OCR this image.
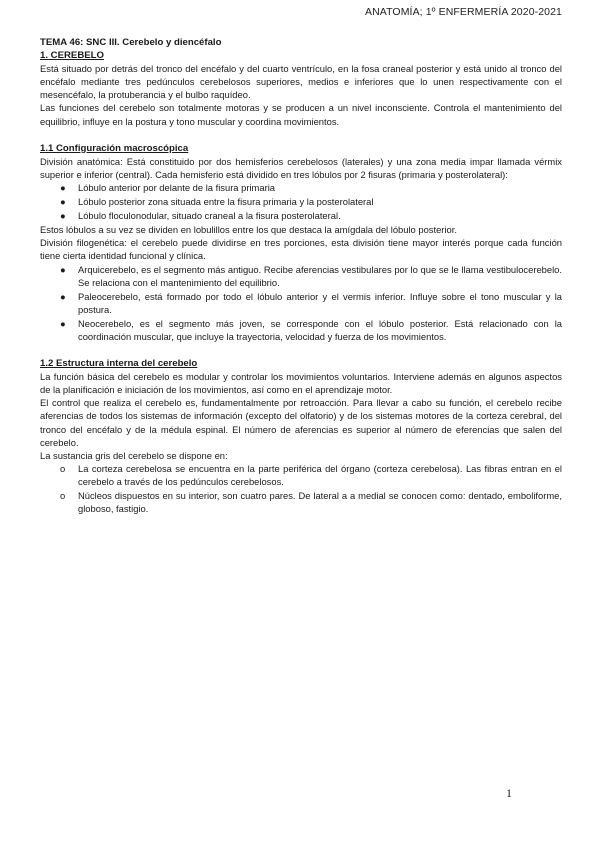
ANATOMÍA; 1º ENFERMERÍA 2020-2021

TEMA 46: SNC III. Cerebelo y diencéfalo

1. CEREBELO

Está situado por detrás del tronco del encéfalo y del cuarto ventrículo, en la fosa craneal posterior y está unido al tronco del encéfalo mediante tres pedúnculos cerebelosos superiores, medios e inferiores que lo unen respectivamente con el mesencéfalo, la protuberancia y el bulbo raquídeo.

Las funciones del cerebelo son totalmente motoras y se producen a un nivel inconsciente. Controla el mantenimiento del equilibrio, influye en la postura y tono muscular y coordina movimientos.

1.1 Configuración macroscópica

División anatómica: Está constituido por dos hemisferios cerebelosos (laterales) y una zona media impar llamada vérmix superior e inferior (central). Cada hemisferio está dividido en tres lóbulos por 2 fisuras (primaria y posterolateral):

● Lóbulo anterior por delante de la fisura primaria
● Lóbulo posterior zona situada entre la fisura primaria y la posterolateral
● Lóbulo floculonodular, situado craneal a la fisura posterolateral.

Estos lóbulos a su vez se dividen en lobulillos entre los que destaca la amígdala del lóbulo posterior.

División filogenética: el cerebelo puede dividirse en tres porciones, esta división tiene mayor interés porque cada función tiene cierta identidad funcional y clínica.

● Arquicerebelo, es el segmento más antiguo. Recibe aferencias vestibulares por lo que se le llama vestibulocerebelo. Se relaciona con el mantenimiento del equilibrio.
● Paleocerebelo, está formado por todo el lóbulo anterior y el vermis inferior. Influye sobre el tono muscular y la postura.
● Neocerebelo, es el segmento más joven, se corresponde con el lóbulo posterior. Está relacionado con la coordinación muscular, que incluye la trayectoria, velocidad y fuerza de los movimientos.

1.2 Estructura interna del cerebelo

La función básica del cerebelo es modular y controlar los movimientos voluntarios. Interviene además en algunos aspectos de la planificación e iniciación de los movimientos, así como en el aprendizaje motor.

El control que realiza el cerebelo es, fundamentalmente por retroacción. Para llevar a cabo su función, el cerebelo recibe aferencias de todos los sistemas de información (excepto del olfatorio) y de los sistemas motores de la corteza cerebral, del tronco del encéfalo y de la médula espinal. El número de aferencias es superior al número de eferencias que salen del cerebelo.

La sustancia gris del cerebelo se dispone en:

o La corteza cerebelosa se encuentra en la parte periférica del órgano (corteza cerebelosa). Las fibras entran en el cerebelo a través de los pedúnculos cerebelosos.
o Núcleos dispuestos en su interior, son cuatro pares. De lateral a a medial se conocen como: dentado, emboliforme, globoso, fastigio.
1
